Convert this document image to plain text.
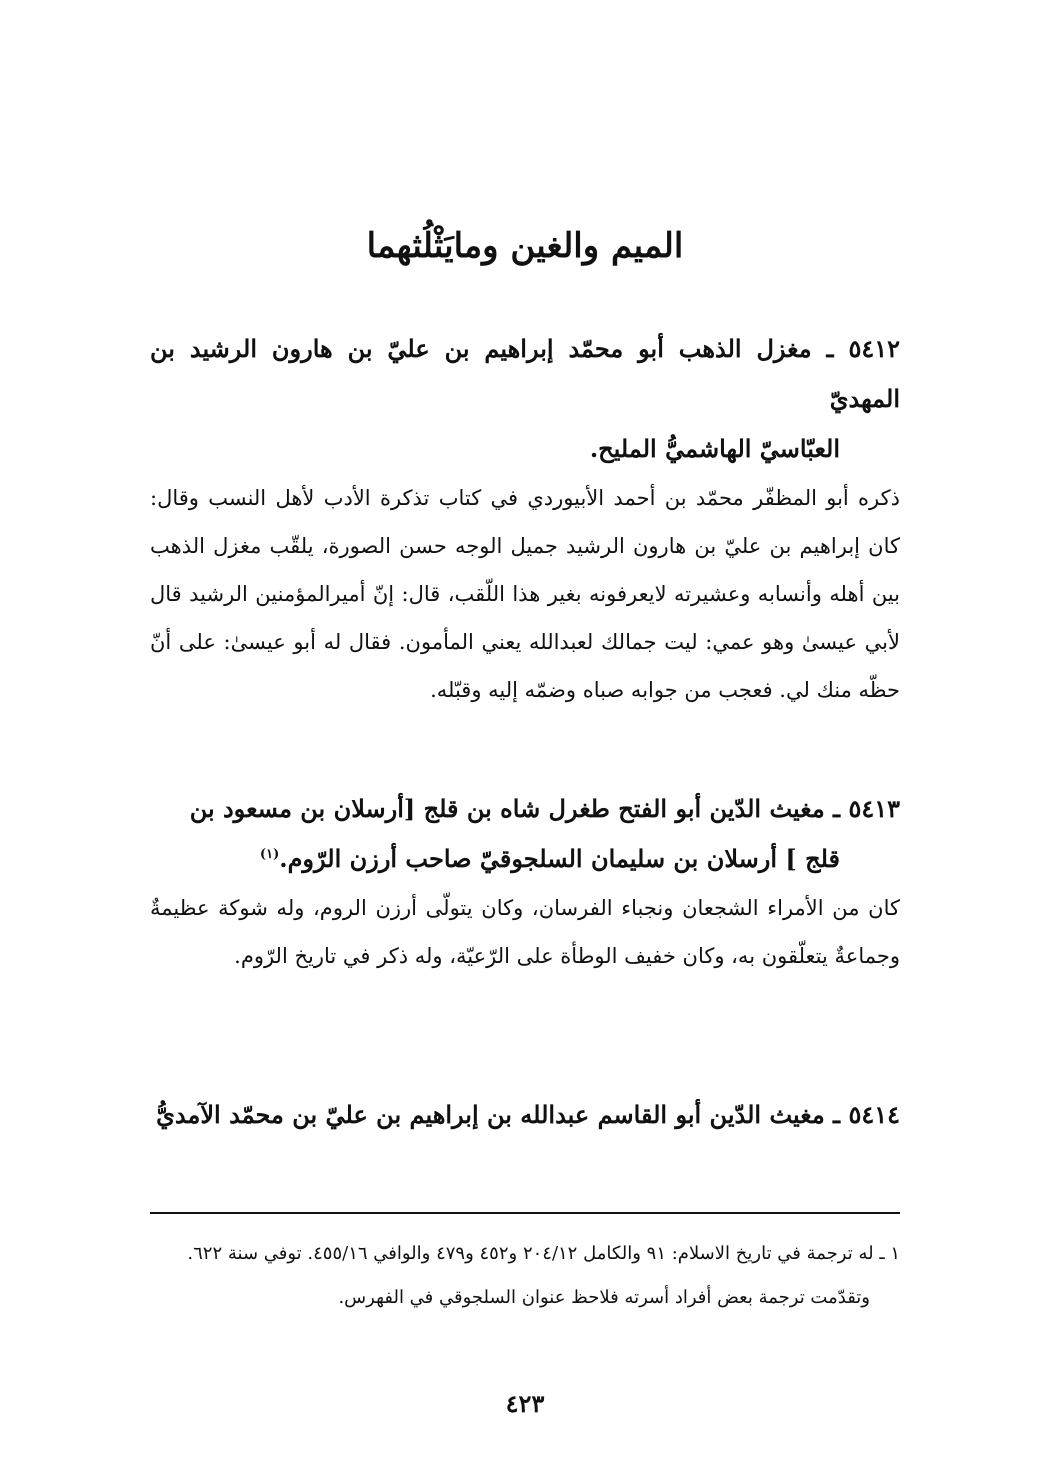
الميم والغين ومايَثْلُثهما
٥٤١٢ ـ مغزل الذهب أبو محمّد إبراهيم بن عليّ بن هارون الرشيد بن المهديّ
العبّاسيّ الهاشميُّ المليح.

ذكره أبو المظفّر محمّد بن أحمد الأبيوردي في كتاب تذكرة الأدب لأهل النسب وقال: كان إبراهيم بن عليّ بن هارون الرشيد جميل الوجه حسن الصورة، يلقّب مغزل الذهب بين أهله وأنسابه وعشيرته لايعرفونه بغير هذا اللّقب، قال: إنّ أميرالمؤمنين الرشيد قال لأبي عيسىٰ وهو عمي: ليت جمالك لعبدالله يعني المأمون. فقال له أبو عيسىٰ: على أنّ حظّه منك لي. فعجب من جوابه صباه وضمّه إليه وقبّله.

٥٤١٣ ـ مغيث الدّين أبو الفتح طغرل شاه بن قلج [أرسلان بن مسعود بن
قلج ] أرسلان بن سليمان السلجوقيّ صاحب أرزن الرّوم.$^{(١)}$

كان من الأمراء الشجعان ونجباء الفرسان، وكان يتولّى أرزن الروم، وله شوكة عظيمةٌ وجماعةٌ يتعلّقون به، وكان خفيف الوطأة على الرّعيّة، وله ذكر في تاريخ الرّوم.

٥٤١٤ ـ مغيث الدّين أبو القاسم عبدالله بن إبراهيم بن عليّ بن محمّد الآمديُّ

١ ـ له ترجمة في تاريخ الاسلام: ٩١ والكامل ٢٠٤/١٢ و٤٥٢ و٤٧٩ والوافي ٤٥٥/١٦. توفي سنة ٦٢٢.

وتقدّمت ترجمة بعض أفراد أسرته فلاحظ عنوان السلجوقي في الفهرس.

٤٢٣
